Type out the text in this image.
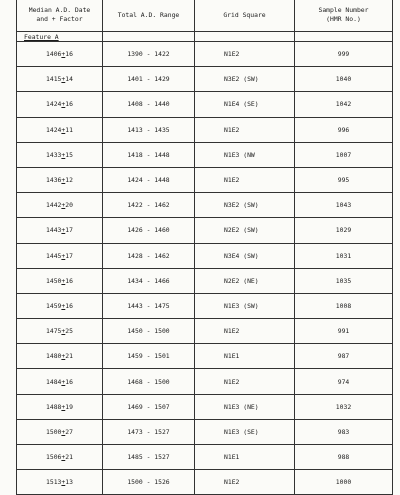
Median A.D. Date
and + Factor	Total A.D. Range	Grid Square	Sample Number
(HMR No.)

Feature A			
1406+16	1390 - 1422	N1E2	999
1415+14	1401 - 1429	N3E2 (SW)	1040
1424+16	1408 - 1440	N1E4 (SE)	1042
1424+11	1413 - 1435	N1E2	996
1433+15	1418 - 1448	N1E3 (NW	1007
1436+12	1424 - 1448	N1E2	995
1442+20	1422 - 1462	N3E2 (SW)	1043
1443+17	1426 - 1460	N2E2 (SW)	1029
1445+17	1428 - 1462	N3E4 (SW)	1031
1450+16	1434 - 1466	N2E2 (NE)	1035
1459+16	1443 - 1475	N1E3 (SW)	1008
1475+25	1450 - 1500	N1E2	991
1480+21	1459 - 1501	N1E1	987
1484+16	1468 - 1500	N1E2	974
1488+19	1469 - 1507	N1E3 (NE)	1032
1500+27	1473 - 1527	N1E3 (SE)	983
1506+21	1485 - 1527	N1E1	988
1513+13	1500 - 1526	N1E2	1000
